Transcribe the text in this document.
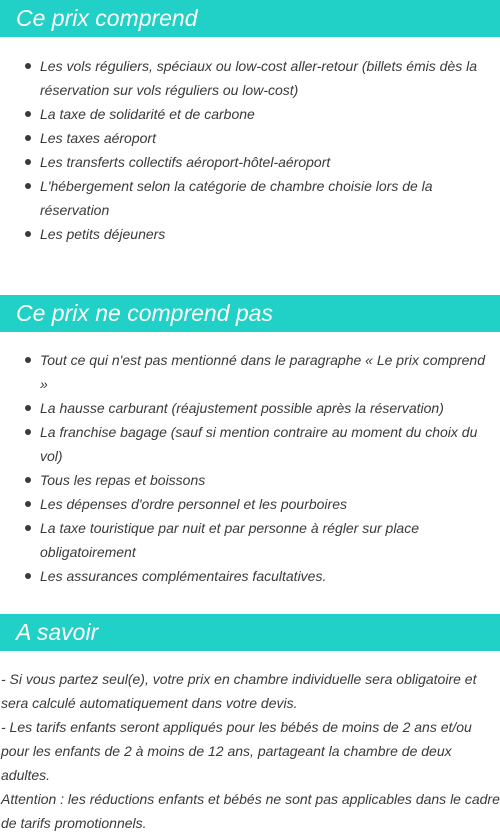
Ce prix comprend
Les vols réguliers, spéciaux ou low-cost aller-retour (billets émis dès la réservation sur vols réguliers ou low-cost)
La taxe de solidarité et de carbone
Les taxes aéroport
Les transferts collectifs aéroport-hôtel-aéroport
L'hébergement selon la catégorie de chambre choisie lors de la réservation
Les petits déjeuners
Ce prix ne comprend pas
Tout ce qui n'est pas mentionné dans le paragraphe « Le prix comprend »
La hausse carburant (réajustement possible après la réservation)
La franchise bagage (sauf si mention contraire au moment du choix du vol)
Tous les repas et boissons
Les dépenses d'ordre personnel et les pourboires
La taxe touristique par nuit et par personne à régler sur place obligatoirement
Les assurances complémentaires facultatives.
A savoir

- Si vous partez seul(e), votre prix en chambre individuelle sera obligatoire et sera calculé automatiquement dans votre devis.

- Les tarifs enfants seront appliqués pour les bébés de moins de 2 ans et/ou pour les enfants de 2 à moins de 12 ans, partageant la chambre de deux adultes.

Attention : les réductions enfants et bébés ne sont pas applicables dans le cadre de tarifs promotionnels.
